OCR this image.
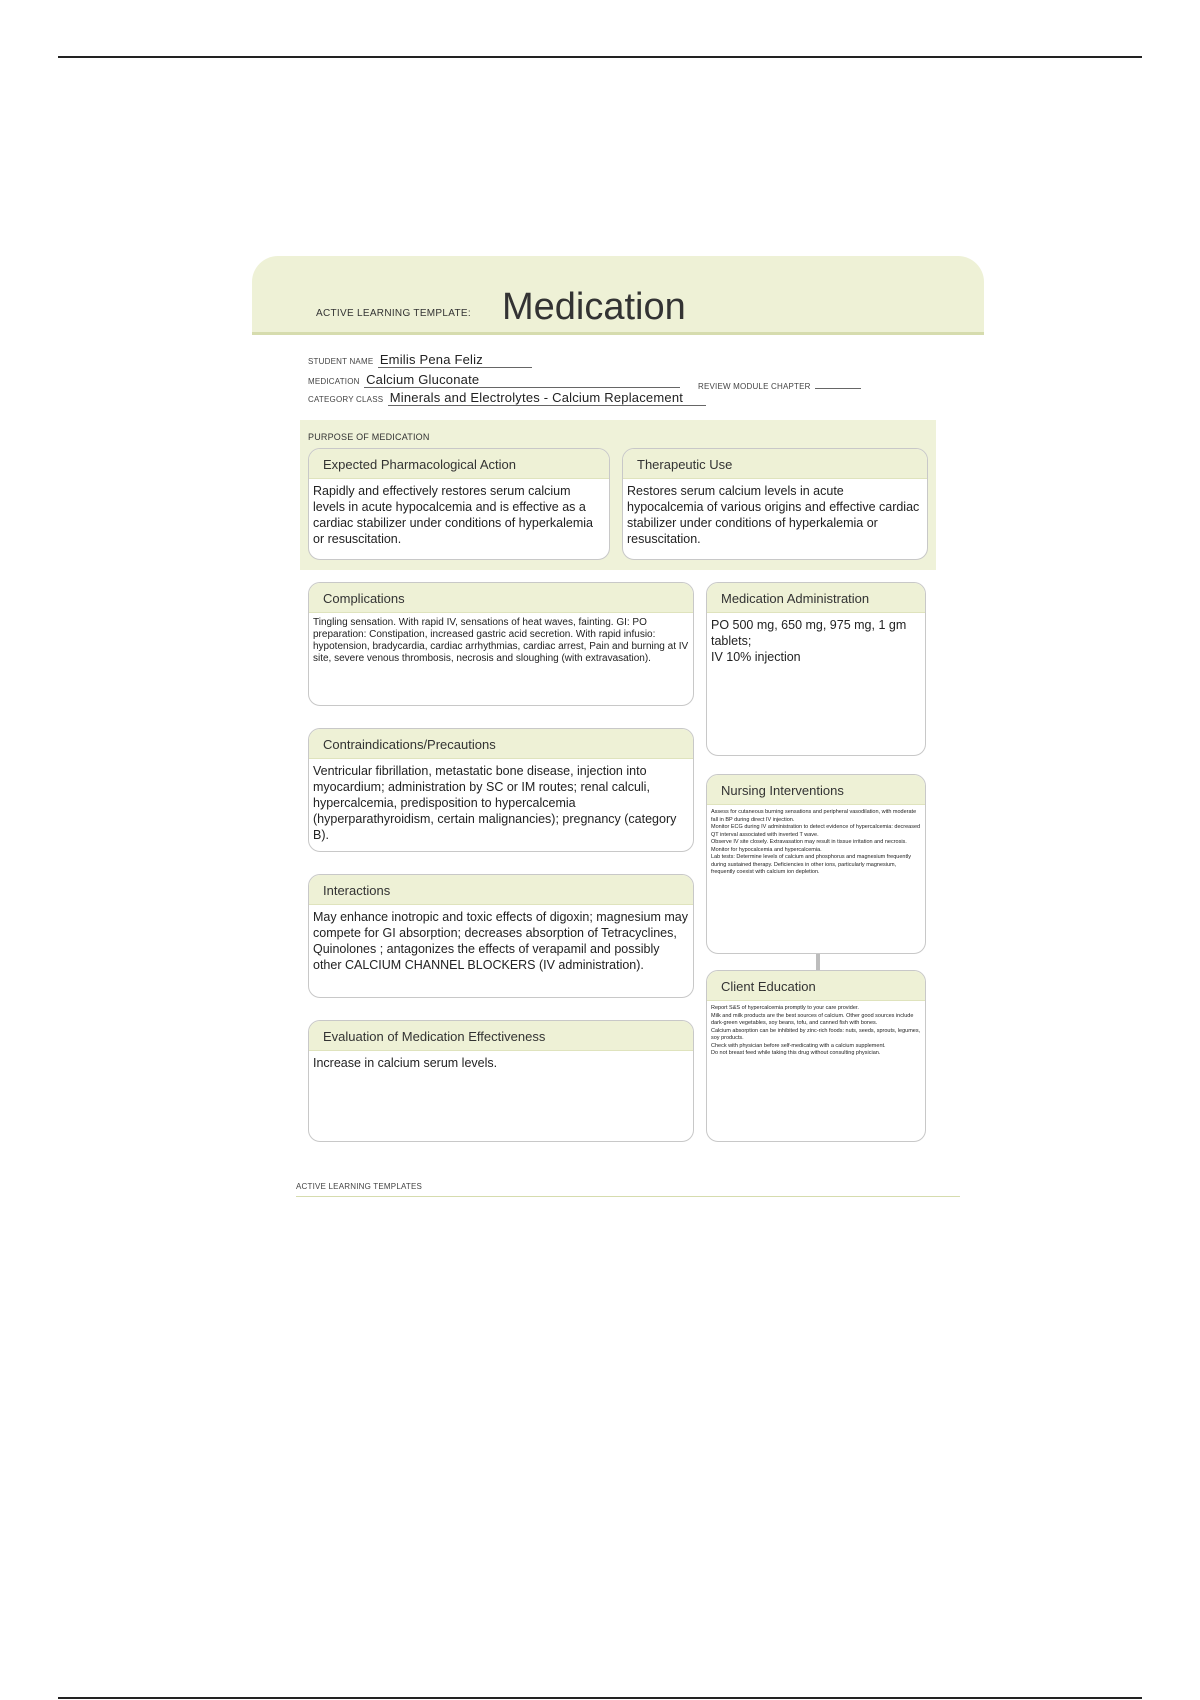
ACTIVE LEARNING TEMPLATE: Medication
STUDENT NAME Emilis Pena Feliz
MEDICATION Calcium Gluconate	REVIEW MODULE CHAPTER
CATEGORY CLASS Minerals and Electrolytes - Calcium Replacement
PURPOSE OF MEDICATION
Expected Pharmacological Action
Rapidly and effectively restores serum calcium levels in acute hypocalcemia and is effective as a cardiac stabilizer under conditions of hyperkalemia or resuscitation.
Therapeutic Use
Restores serum calcium levels in acute hypocalcemia of various origins and effective cardiac stabilizer under conditions of hyperkalemia or resuscitation.
Complications
Tingling sensation. With rapid IV, sensations of heat waves, fainting. GI: PO preparation: Constipation, increased gastric acid secretion. With rapid infusio: hypotension, bradycardia, cardiac arrhythmias, cardiac arrest, Pain and burning at IV site, severe venous thrombosis, necrosis and sloughing (with extravasation).
Medication Administration
PO 500 mg, 650 mg, 975 mg, 1 gm tablets;
IV 10% injection
Contraindications/Precautions
Ventricular fibrillation, metastatic bone disease, injection into myocardium; administration by SC or IM routes; renal calculi, hypercalcemia, predisposition to hypercalcemia (hyperparathyroidism, certain malignancies); pregnancy (category B).
Nursing Interventions
Assess for cutaneous burning sensations and peripheral vasodilation, with moderate fall in BP during direct IV injection.
Monitor ECG during IV administration to detect evidence of hypercalcemia: decreased QT interval associated with inverted T wave.
Observe IV site closely. Extravasation may result in tissue irritation and necrosis.
Monitor for hypocalcemia and hypercalcemia.
Lab tests: Determine levels of calcium and phosphorus and magnesium frequently during sustained therapy. Deficiencies in other ions, particularly magnesium, frequently coexist with calcium ion depletion.
Interactions
May enhance inotropic and toxic effects of digoxin; magnesium may compete for GI absorption; decreases absorption of Tetracyclines, Quinolones ; antagonizes the effects of verapamil and possibly other CALCIUM CHANNEL BLOCKERS (IV administration).
Client Education
Report S&S of hypercalcemia promptly to your care provider.
Milk and milk products are the best sources of calcium. Other good sources include dark-green vegetables, soy beans, tofu, and canned fish with bones.
Calcium absorption can be inhibited by zinc-rich foods: nuts, seeds, sprouts, legumes, soy products.
Check with physician before self-medicating with a calcium supplement.
Do not breast feed while taking this drug without consulting physician.
Evaluation of Medication Effectiveness
Increase in calcium serum levels.
ACTIVE LEARNING TEMPLATES
